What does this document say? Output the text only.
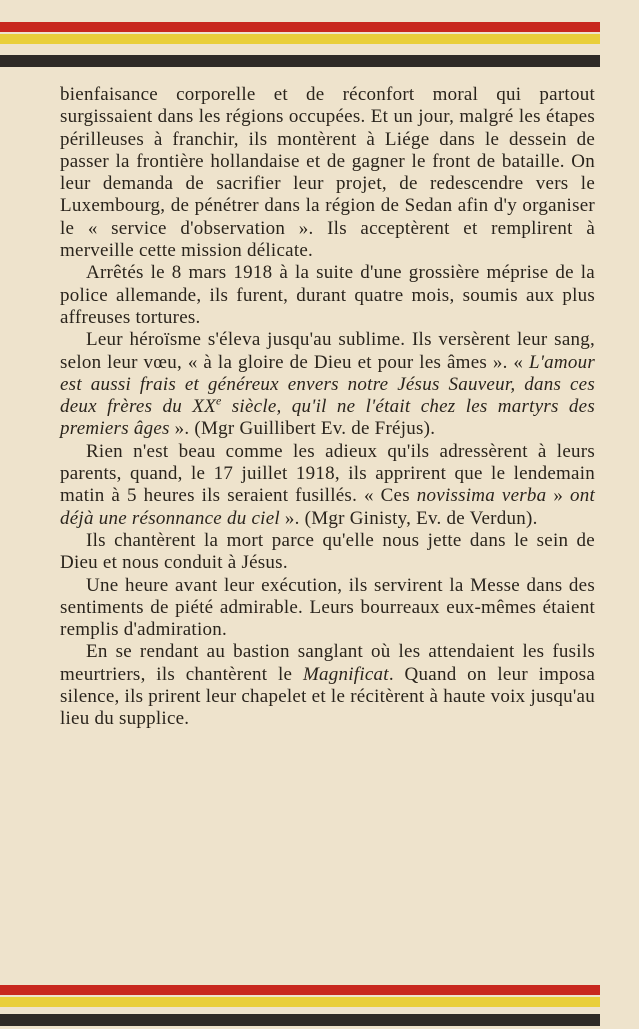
bienfaisance corporelle et de réconfort moral qui partout surgissaient dans les régions occupées. Et un jour, malgré les étapes périlleuses à franchir, ils montèrent à Liége dans le dessein de passer la frontière hollandaise et de gagner le front de bataille. On leur demanda de sacrifier leur projet, de redescendre vers le Luxembourg, de pénétrer dans la région de Sedan afin d'y organiser le « service d'observation ». Ils acceptèrent et remplirent à merveille cette mission délicate.

Arrêtés le 8 mars 1918 à la suite d'une grossière méprise de la police allemande, ils furent, durant quatre mois, soumis aux plus affreuses tortures.

Leur héroïsme s'éleva jusqu'au sublime. Ils versèrent leur sang, selon leur vœu, « à la gloire de Dieu et pour les âmes ». « L'amour est aussi frais et généreux envers notre Jésus Sauveur, dans ces deux frères du XXe siècle, qu'il ne l'était chez les martyrs des premiers âges ». (Mgr Guillibert Ev. de Fréjus).

Rien n'est beau comme les adieux qu'ils adressèrent à leurs parents, quand, le 17 juillet 1918, ils apprirent que le lendemain matin à 5 heures ils seraient fusillés. « Ces novissima verba » ont déjà une résonnance du ciel ». (Mgr Ginisty, Ev. de Verdun).

Ils chantèrent la mort parce qu'elle nous jette dans le sein de Dieu et nous conduit à Jésus.

Une heure avant leur exécution, ils servirent la Messe dans des sentiments de piété admirable. Leurs bourreaux eux-mêmes étaient remplis d'admiration.

En se rendant au bastion sanglant où les attendaient les fusils meurtriers, ils chantèrent le Magnificat. Quand on leur imposa silence, ils prirent leur chapelet et le récitèrent à haute voix jusqu'au lieu du supplice.
